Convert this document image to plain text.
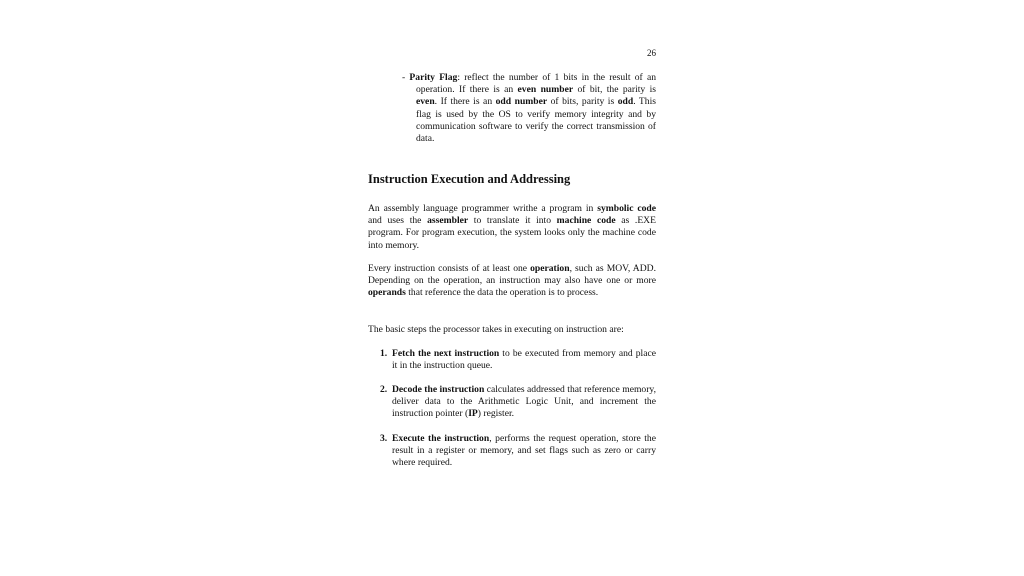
26
- Parity Flag: reflect the number of 1 bits in the result of an operation. If there is an even number of bit, the parity is even. If there is an odd number of bits, parity is odd. This flag is used by the OS to verify memory integrity and by communication software to verify the correct transmission of data.
Instruction Execution and Addressing

An assembly language programmer writhe a program in symbolic code and uses the assembler to translate it into machine code as .EXE program. For program execution, the system looks only the machine code into memory.

Every instruction consists of at least one operation, such as MOV, ADD. Depending on the operation, an instruction may also have one or more operands that reference the data the operation is to process.

The basic steps the processor takes in executing on instruction are:

1. Fetch the next instruction to be executed from memory and place it in the instruction queue.
2. Decode the instruction calculates addressed that reference memory, deliver data to the Arithmetic Logic Unit, and increment the instruction pointer (IP) register.
3. Execute the instruction, performs the request operation, store the result in a register or memory, and set flags such as zero or carry where required.
